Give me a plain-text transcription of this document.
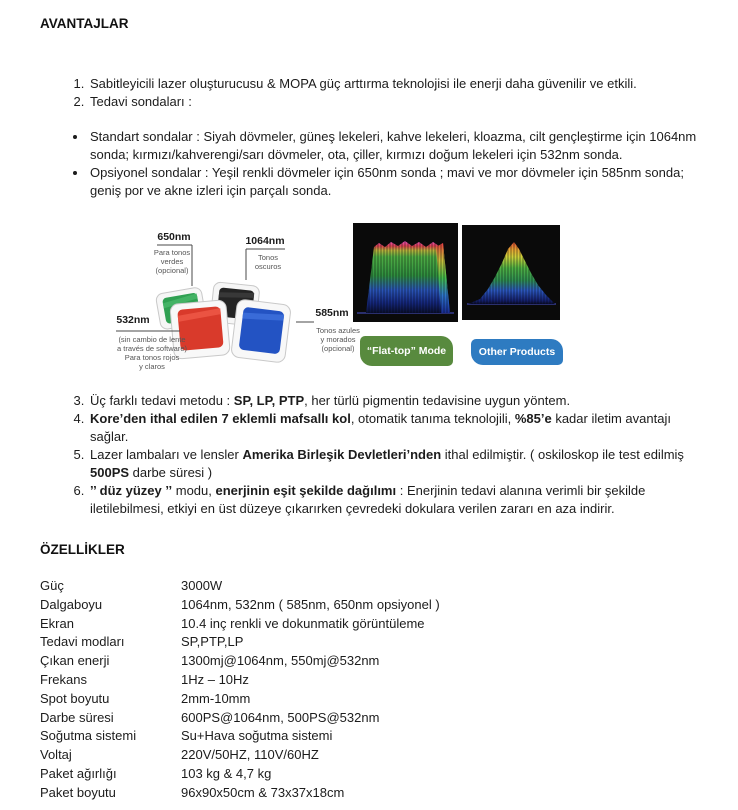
AVANTAJLAR
1. Sabitleyicili lazer oluşturucusu & MOPA güç arttırma teknolojisi ile enerji daha güvenilir ve etkili.
2. Tedavi sondaları :
• Standart sondalar : Siyah dövmeler, güneş lekeleri, kahve lekeleri, kloazma, cilt gençleştirme için 1064nm sonda; kırmızı/kahverengi/sarı dövmeler, ota, çiller, kırmızı doğum lekeleri için 532nm sonda.
• Opsiyonel sondalar : Yeşil renkli dövmeler için 650nm sonda ; mavi ve mor dövmeler için 585nm sonda; geniş por ve akne izleri için parçalı sonda.
650nm
Para tonos
verdes
(opcional)
1064nm
Tonos
oscuros
532nm
(sin cambio de lente
a través de software)
Para tonos rojos
y claros
585nm
Tonos azules
y morados
(opcional)	“Flat-top” Mode	Other Products
3. Üç farklı tedavi metodu : SP, LP, PTP, her türlü pigmentin tedavisine uygun yöntem.
4. Kore’den ithal edilen 7 eklemli mafsallı kol, otomatik tanıma teknolojili, %85’e kadar iletim avantajı sağlar.
5. Lazer lambaları ve lensler Amerika Birleşik Devletleri’nden ithal edilmiştir. ( oskiloskop ile test edilmiş 500PS darbe süresi )
6. ’’ düz yüzey ’’ modu, enerjinin eşit şekilde dağılımı : Enerjinin tedavi alanına verimli bir şekilde iletilebilmesi, etkiyi en üst düzeye çıkarırken çevredeki dokulara verilen zararı en aza indirir.
ÖZELLİKLER
Güç	3000W
Dalgaboyu	1064nm, 532nm ( 585nm, 650nm opsiyonel )
Ekran	10.4 inç renkli ve dokunmatik görüntüleme
Tedavi modları	SP,PTP,LP
Çıkan enerji	1300mj@1064nm, 550mj@532nm
Frekans	1Hz – 10Hz
Spot boyutu	2mm-10mm
Darbe süresi	600PS@1064nm, 500PS@532nm
Soğutma sistemi	Su+Hava soğutma sistemi
Voltaj	220V/50HZ, 110V/60HZ
Paket ağırlığı	103 kg & 4,7 kg
Paket boyutu	96x90x50cm & 73x37x18cm
